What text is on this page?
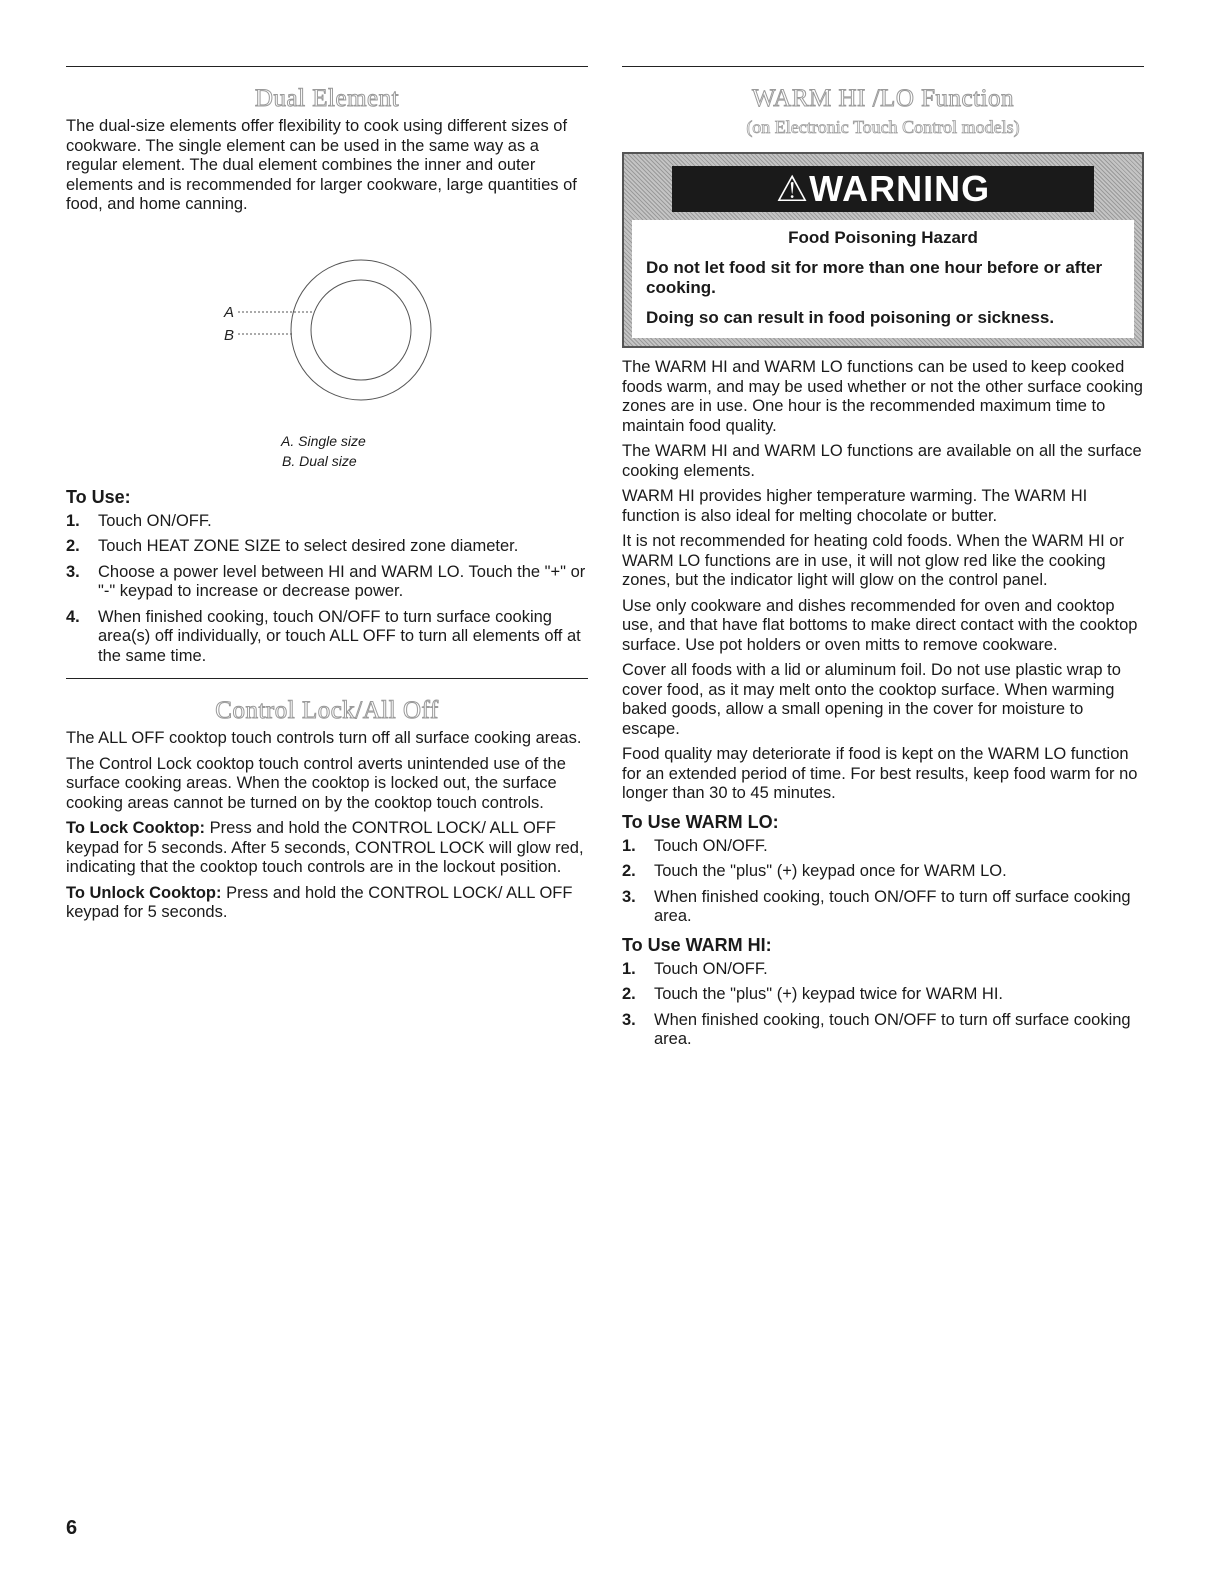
Dual Element

The dual-size elements offer flexibility to cook using different sizes of cookware. The single element can be used in the same way as a regular element. The dual element combines the inner and outer elements and is recommended for larger cookware, large quantities of food, and home canning.

A
B
A. Single size
B. Dual size
To Use:
1. Touch ON/OFF.
2. Touch HEAT ZONE SIZE to select desired zone diameter.
3. Choose a power level between HI and WARM LO. Touch the "+" or "-" keypad to increase or decrease power.
4. When finished cooking, touch ON/OFF to turn surface cooking area(s) off individually, or touch ALL OFF to turn all elements off at the same time.
Control Lock/All Off

The ALL OFF cooktop touch controls turn off all surface cooking areas.

The Control Lock cooktop touch control averts unintended use of the surface cooking areas. When the cooktop is locked out, the surface cooking areas cannot be turned on by the cooktop touch controls.

To Lock Cooktop: Press and hold the CONTROL LOCK/ ALL OFF keypad for 5 seconds. After 5 seconds, CONTROL LOCK will glow red, indicating that the cooktop touch controls are in the lockout position.

To Unlock Cooktop: Press and hold the CONTROL LOCK/ ALL OFF keypad for 5 seconds.

WARM HI /LO Function
(on Electronic Touch Control models)
⚠WARNING
Food Poisoning Hazard
Do not let food sit for more than one hour before or after cooking.
Doing so can result in food poisoning or sickness.

The WARM HI and WARM LO functions can be used to keep cooked foods warm, and may be used whether or not the other surface cooking zones are in use. One hour is the recommended maximum time to maintain food quality.

The WARM HI and WARM LO functions are available on all the surface cooking elements.

WARM HI provides higher temperature warming. The WARM HI function is also ideal for melting chocolate or butter.

It is not recommended for heating cold foods. When the WARM HI or WARM LO functions are in use, it will not glow red like the cooking zones, but the indicator light will glow on the control panel.

Use only cookware and dishes recommended for oven and cooktop use, and that have flat bottoms to make direct contact with the cooktop surface. Use pot holders or oven mitts to remove cookware.

Cover all foods with a lid or aluminum foil. Do not use plastic wrap to cover food, as it may melt onto the cooktop surface. When warming baked goods, allow a small opening in the cover for moisture to escape.

Food quality may deteriorate if food is kept on the WARM LO function for an extended period of time. For best results, keep food warm for no longer than 30 to 45 minutes.

To Use WARM LO:
1. Touch ON/OFF.
2. Touch the "plus" (+) keypad once for WARM LO.
3. When finished cooking, touch ON/OFF to turn off surface cooking area.
To Use WARM HI:
1. Touch ON/OFF.
2. Touch the "plus" (+) keypad twice for WARM HI.
3. When finished cooking, touch ON/OFF to turn off surface cooking area.
6
